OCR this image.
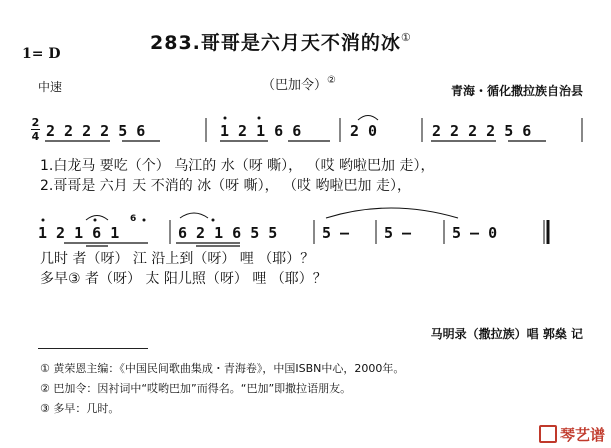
283.哥哥是六月天不消的冰①
1= D
中速	（巴加令）②
青海・循化撒拉族自治县
2
4 2 2 2 2 5 6	1 2 1 6 6	2 0	2 2 2 2 5 6
1.白龙马 要吃（个） 乌江的 水（呀 嘶）， （哎 哟啦巴加 走），
2.哥哥是 六月 天 不消的 冰（呀 嘶）， （哎 哟啦巴加 走），
1 2 1 6 1
6
6 2 1 6 5 5	5 – 5 –	5 – 0
几时 者（呀） 江 沿上到（呀） 哩 （耶）？
多早③ 者（呀） 太 阳儿照（呀） 哩 （耶）？
马明录（撒拉族）唱 郭燊 记
① 黄荣恩主编：《中国民间歌曲集成・青海卷》，中国ISBN中心，2000年。
② 巴加令：因衬词中“哎哟巴加”而得名。“巴加”即撒拉语朋友。
③ 多早：几时。
琴艺谱
